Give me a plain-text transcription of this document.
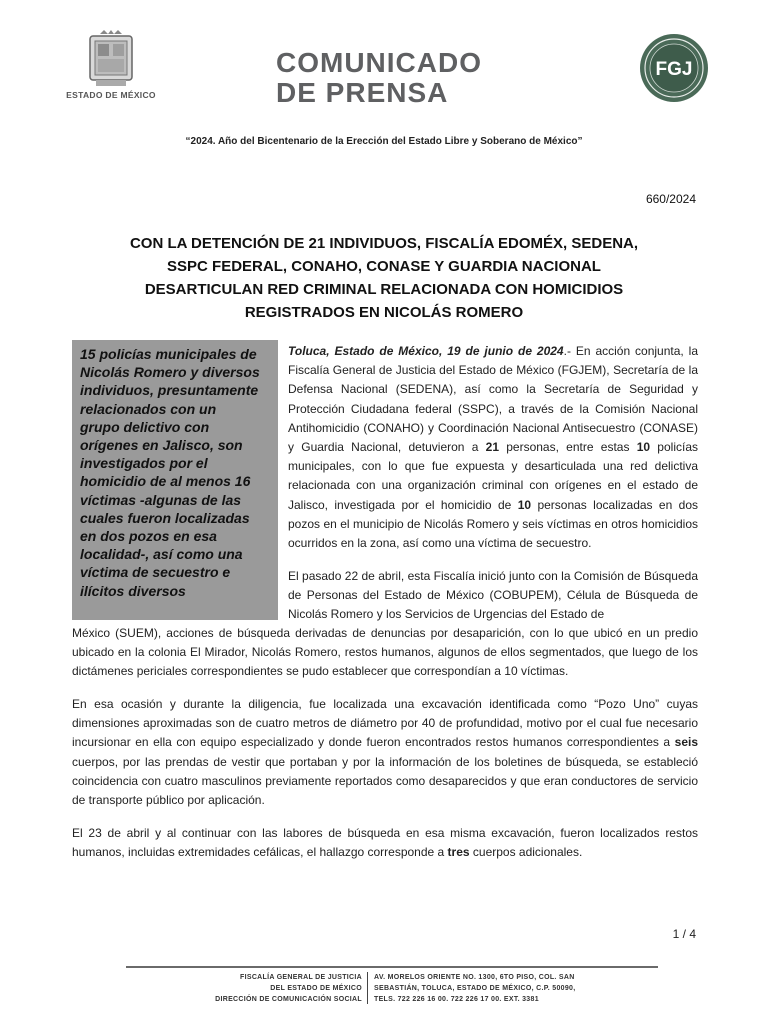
ESTADO DE MÉXICO
COMUNICADO
DE PRENSA
FGJ
“2024. Año del Bicentenario de la Erección del Estado Libre y Soberano de México”
660/2024
CON LA DETENCIÓN DE 21 INDIVIDUOS, FISCALÍA EDOMÉX, SEDENA,
SSPC FEDERAL, CONAHO, CONASE Y GUARDIA NACIONAL
DESARTICULAN RED CRIMINAL RELACIONADA CON HOMICIDIOS
REGISTRADOS EN NICOLÁS ROMERO
15 policías municipales de
Nicolás Romero y diversos
individuos, presuntamente
relacionados con un
grupo delictivo con
orígenes en Jalisco, son
investigados por el
homicidio de al menos 16
víctimas -algunas de las
cuales fueron localizadas
en dos pozos en esa
localidad-, así como una
víctima de secuestro e
ilícitos diversos
Toluca, Estado de México, 19 de junio de 2024.- En acción conjunta, la Fiscalía General de Justicia del Estado de México (FGJEM), Secretaría de la Defensa Nacional (SEDENA), así como la Secretaría de Seguridad y Protección Ciudadana federal (SSPC), a través de la Comisión Nacional Antihomicidio (CONAHO) y Coordinación Nacional Antisecuestro (CONASE) y Guardia Nacional, detuvieron a 21 personas, entre estas 10 policías municipales, con lo que fue expuesta y desarticulada una red delictiva relacionada con una organización criminal con orígenes en el estado de Jalisco, investigada por el homicidio de 10 personas localizadas en dos pozos en el municipio de Nicolás Romero y seis víctimas en otros homicidios ocurridos en la zona, así como una víctima de secuestro.
El pasado 22 de abril, esta Fiscalía inició junto con la Comisión de Búsqueda de Personas del Estado de México (COBUPEM), Célula de Búsqueda de Nicolás Romero y los Servicios de Urgencias del Estado de
México (SUEM), acciones de búsqueda derivadas de denuncias por desaparición, con lo que ubicó en un predio ubicado en la colonia El Mirador, Nicolás Romero, restos humanos, algunos de ellos segmentados, que luego de los dictámenes periciales correspondientes se pudo establecer que correspondían a 10 víctimas.
En esa ocasión y durante la diligencia, fue localizada una excavación identificada como “Pozo Uno” cuyas dimensiones aproximadas son de cuatro metros de diámetro por 40 de profundidad, motivo por el cual fue necesario incursionar en ella con equipo especializado y donde fueron encontrados restos humanos correspondientes a seis cuerpos, por las prendas de vestir que portaban y por la información de los boletines de búsqueda, se estableció coincidencia con cuatro masculinos previamente reportados como desaparecidos y que eran conductores de servicio de transporte público por aplicación.
El 23 de abril y al continuar con las labores de búsqueda en esa misma excavación, fueron localizados restos humanos, incluidas extremidades cefálicas, el hallazgo corresponde a tres cuerpos adicionales.
1 / 4
FISCALÍA GENERAL DE JUSTICIA
DEL ESTADO DE MÉXICO
DIRECCIÓN DE COMUNICACIÓN SOCIAL
AV. MORELOS ORIENTE NO. 1300, 6TO PISO, COL. SAN
SEBASTIÁN, TOLUCA, ESTADO DE MÉXICO, C.P. 50090,
TELS. 722 226 16 00. 722 226 17 00. EXT. 3381
